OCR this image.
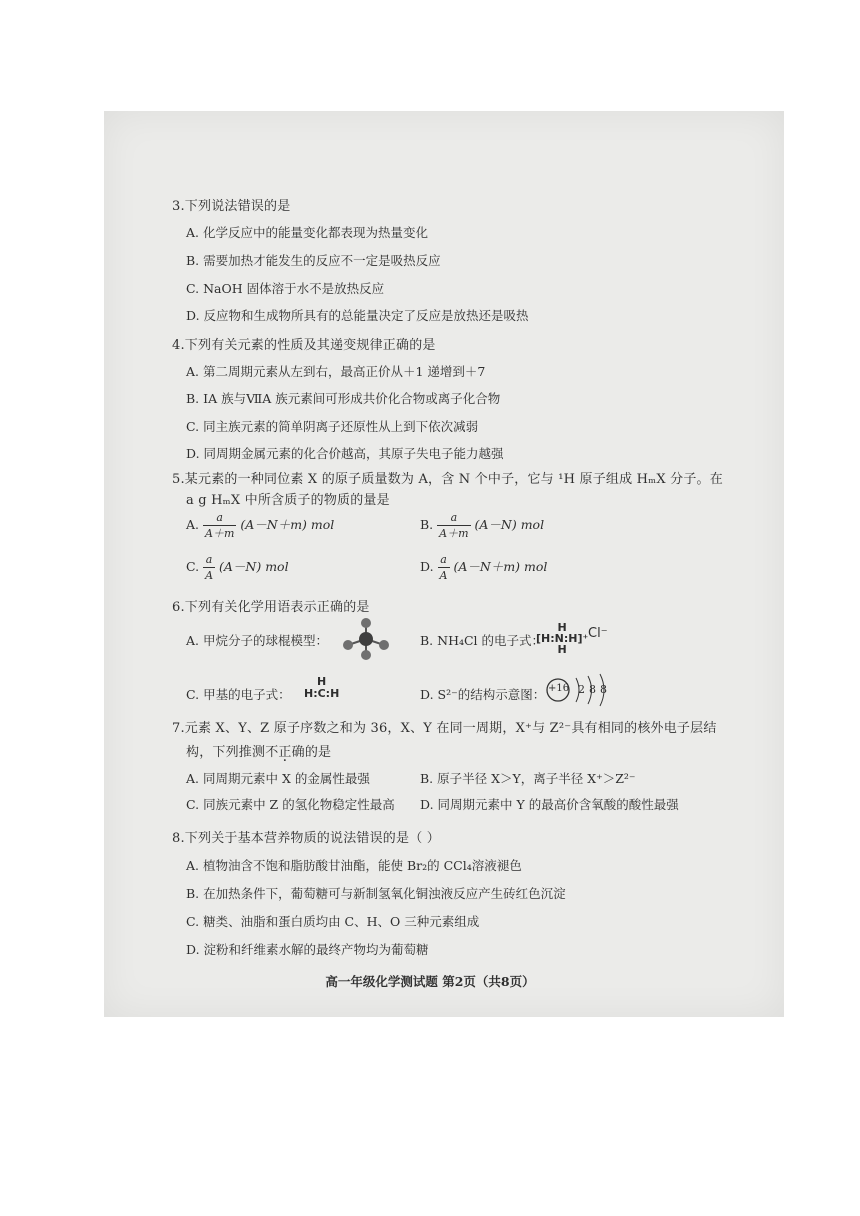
3.下列说法错误的是
A. 化学反应中的能量变化都表现为热量变化
B. 需要加热才能发生的反应不一定是吸热反应
C. NaOH 固体溶于水不是放热反应
D. 反应物和生成物所具有的总能量决定了反应是放热还是吸热
4.下列有关元素的性质及其递变规律正确的是
A. 第二周期元素从左到右，最高正价从＋1 递增到＋7
B. ⅠA 族与ⅦA 族元素间可形成共价化合物或离子化合物
C. 同主族元素的简单阴离子还原性从上到下依次减弱
D. 同周期金属元素的化合价越高，其原子失电子能力越强
5.某元素的一种同位素 X 的原子质量数为 A，含 N 个中子，它与 ¹H 原子组成 HₘX 分子。在
a g HₘX 中所含质子的物质的量是
A. $\frac{a}{A+m} (A-N+m)$ mol	B. $\frac{a}{A+m} (A-N)$ mol
C. $\frac{a}{A} (A-N)$ mol	D. $\frac{a}{A} (A-N+m)$ mol
6.下列有关化学用语表示正确的是
A. 甲烷分子的球棍模型：	B. NH₄Cl 的电子式：
H
[H:N:H]⁺
H
Cl⁻
C. 甲基的电子式：
H
H:C:H	D. S²⁻的结构示意图： +16 2 8 8
7.元素 X、Y、Z 原子序数之和为 36，X、Y 在同一周期，X⁺与 Z²⁻具有相同的核外电子层结
构，下列推测不正确的是
A. 同周期元素中 X 的金属性最强	B. 原子半径 X＞Y，离子半径 X⁺＞Z²⁻
C. 同族元素中 Z 的氢化物稳定性最高 D. 同周期元素中 Y 的最高价含氧酸的酸性最强
8.下列关于基本营养物质的说法错误的是（ ）
A. 植物油含不饱和脂肪酸甘油酯，能使 Br₂的 CCl₄溶液褪色
B. 在加热条件下，葡萄糖可与新制氢氧化铜浊液反应产生砖红色沉淀
C. 糖类、油脂和蛋白质均由 C、H、O 三种元素组成
D. 淀粉和纤维素水解的最终产物均为葡萄糖
高一年级化学测试题 第2页（共8页）
